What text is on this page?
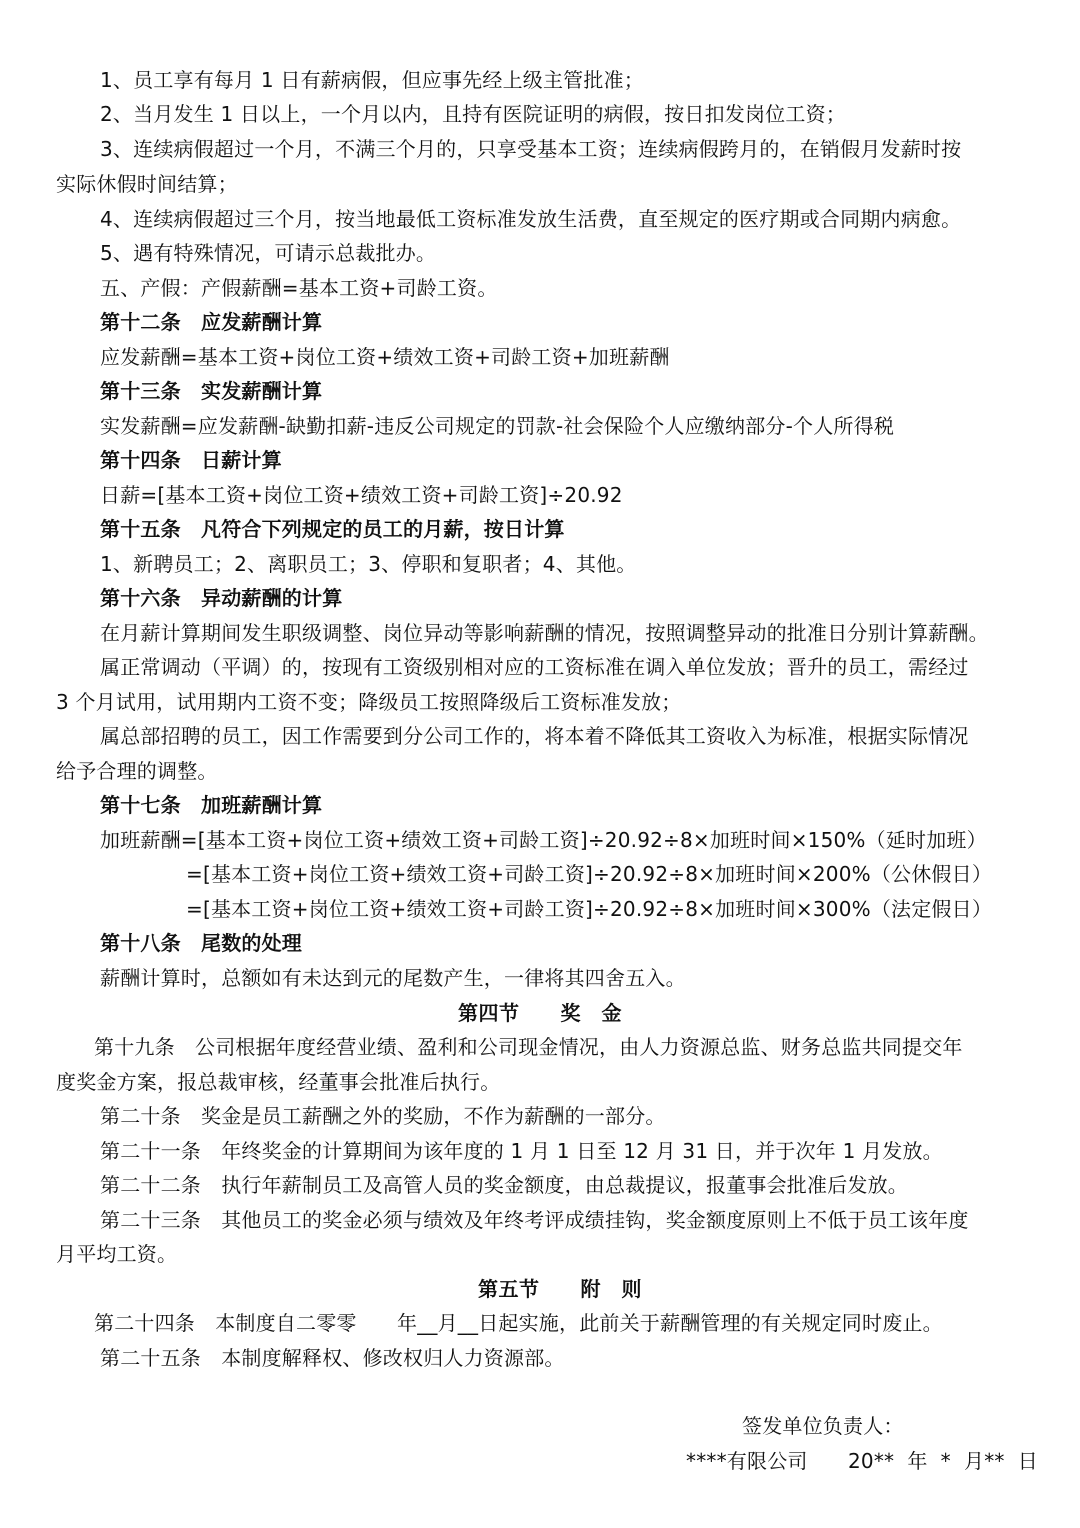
1、员工享有每月 1 日有薪病假，但应事先经上级主管批准；
2、当月发生 1 日以上，一个月以内，且持有医院证明的病假，按日扣发岗位工资；
3、连续病假超过一个月，不满三个月的，只享受基本工资；连续病假跨月的，在销假月发薪时按
实际休假时间结算；
4、连续病假超过三个月，按当地最低工资标准发放生活费，直至规定的医疗期或合同期内病愈。
5、遇有特殊情况，可请示总裁批办。
五、产假：产假薪酬=基本工资+司龄工资。
第十二条　应发薪酬计算
应发薪酬=基本工资+岗位工资+绩效工资+司龄工资+加班薪酬
第十三条　实发薪酬计算
实发薪酬=应发薪酬-缺勤扣薪-违反公司规定的罚款-社会保险个人应缴纳部分-个人所得税
第十四条　日薪计算
日薪=[基本工资+岗位工资+绩效工资+司龄工资]÷20.92
第十五条　凡符合下列规定的员工的月薪，按日计算
1、新聘员工；2、离职员工；3、停职和复职者；4、其他。
第十六条　异动薪酬的计算
在月薪计算期间发生职级调整、岗位异动等影响薪酬的情况，按照调整异动的批准日分别计算薪酬。
属正常调动（平调）的，按现有工资级别相对应的工资标准在调入单位发放；晋升的员工，需经过
3 个月试用，试用期内工资不变；降级员工按照降级后工资标准发放；
属总部招聘的员工，因工作需要到分公司工作的，将本着不降低其工资收入为标准，根据实际情况
给予合理的调整。
第十七条　加班薪酬计算
加班薪酬=[基本工资+岗位工资+绩效工资+司龄工资]÷20.92÷8×加班时间×150%（延时加班）
=[基本工资+岗位工资+绩效工资+司龄工资]÷20.92÷8×加班时间×200%（公休假日）
=[基本工资+岗位工资+绩效工资+司龄工资]÷20.92÷8×加班时间×300%（法定假日）
第十八条　尾数的处理
薪酬计算时，总额如有未达到元的尾数产生，一律将其四舍五入。
第四节　　奖　金
第十九条　公司根据年度经营业绩、盈利和公司现金情况，由人力资源总监、财务总监共同提交年
度奖金方案，报总裁审核，经董事会批准后执行。
第二十条　奖金是员工薪酬之外的奖励，不作为薪酬的一部分。
第二十一条　年终奖金的计算期间为该年度的 1 月 1 日至 12 月 31 日，并于次年 1 月发放。
第二十二条　执行年薪制员工及高管人员的奖金额度，由总裁提议，报董事会批准后发放。
第二十三条　其他员工的奖金必须与绩效及年终考评成绩挂钩，奖金额度原则上不低于员工该年度
月平均工资。
第五节　　附　则
第二十四条　本制度自二零零　　年__月__日起实施，此前关于薪酬管理的有关规定同时废止。
第二十五条　本制度解释权、修改权归人力资源部。
签发单位负责人：
****有限公司　　20**  年  *  月**  日
